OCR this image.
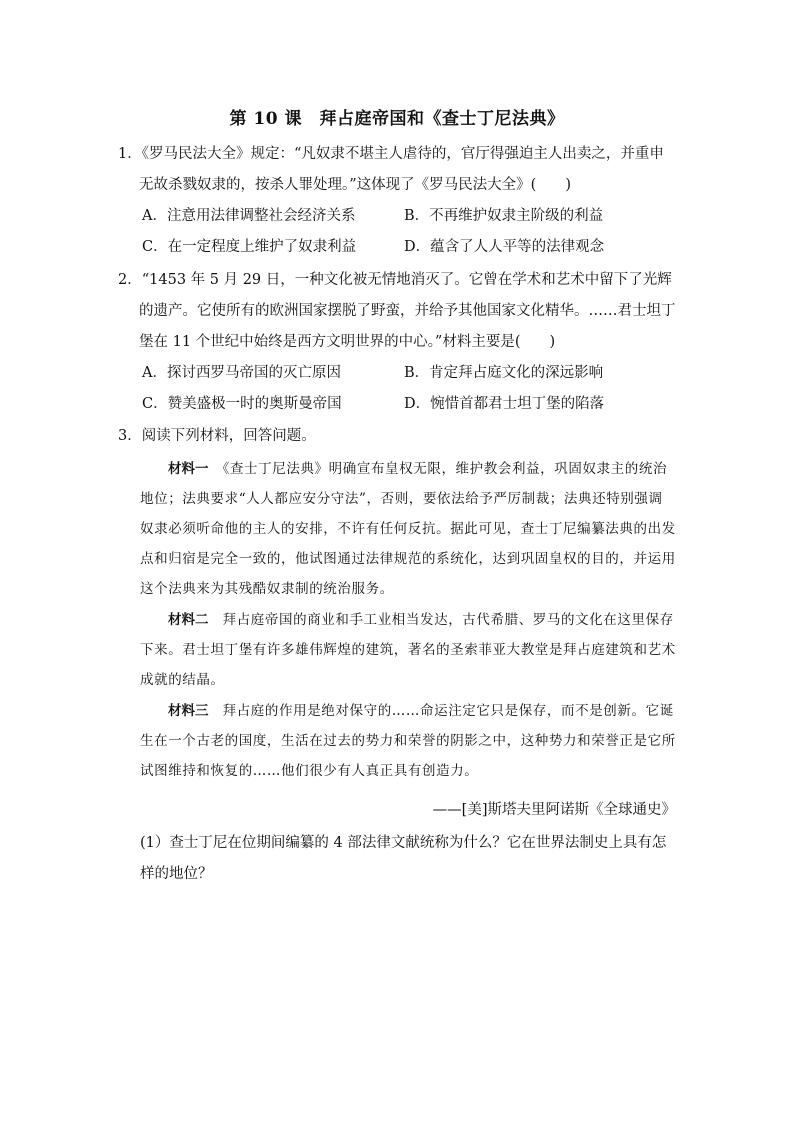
第 10 课　拜占庭帝国和《查士丁尼法典》
1．《罗马民法大全》规定：“凡奴隶不堪主人虐待的，官厅得强迫主人出卖之，并重申无故杀戮奴隶的，按杀人罪处理。”这体现了《罗马民法大全》(　　)
A．注意用法律调整社会经济关系	B．不再维护奴隶主阶级的利益
C．在一定程度上维护了奴隶利益	D．蕴含了人人平等的法律观念
2．“1453 年 5 月 29 日，一种文化被无情地消灭了。它曾在学术和艺术中留下了光辉的遗产。它使所有的欧洲国家摆脱了野蛮，并给予其他国家文化精华。……君士坦丁堡在 11 个世纪中始终是西方文明世界的中心。”材料主要是(　　)
A．探讨西罗马帝国的灭亡原因	B．肯定拜占庭文化的深远影响
C．赞美盛极一时的奥斯曼帝国	D．惋惜首都君士坦丁堡的陷落
3．阅读下列材料，回答问题。

材料一　 《查士丁尼法典》明确宣布皇权无限，维护教会利益，巩固奴隶主的统治地位；法典要求“人人都应安分守法”，否则，要依法给予严厉制裁；法典还特别强调奴隶必须听命他的主人的安排，不许有任何反抗。据此可见，查士丁尼编纂法典的出发点和归宿是完全一致的，他试图通过法律规范的系统化，达到巩固皇权的目的，并运用这个法典来为其残酷奴隶制的统治服务。

材料二　 拜占庭帝国的商业和手工业相当发达，古代希腊、罗马的文化在这里保存下来。君士坦丁堡有许多雄伟辉煌的建筑，著名的圣索菲亚大教堂是拜占庭建筑和艺术成就的结晶。

材料三　 拜占庭的作用是绝对保守的……命运注定它只是保存，而不是创新。它诞生在一个古老的国度，生活在过去的势力和荣誉的阴影之中，这种势力和荣誉正是它所试图维持和恢复的……他们很少有人真正具有创造力。

——[美]斯塔夫里阿诺斯《全球通史》
(1）查士丁尼在位期间编纂的 4 部法律文献统称为什么？它在世界法制史上具有怎样的地位？
